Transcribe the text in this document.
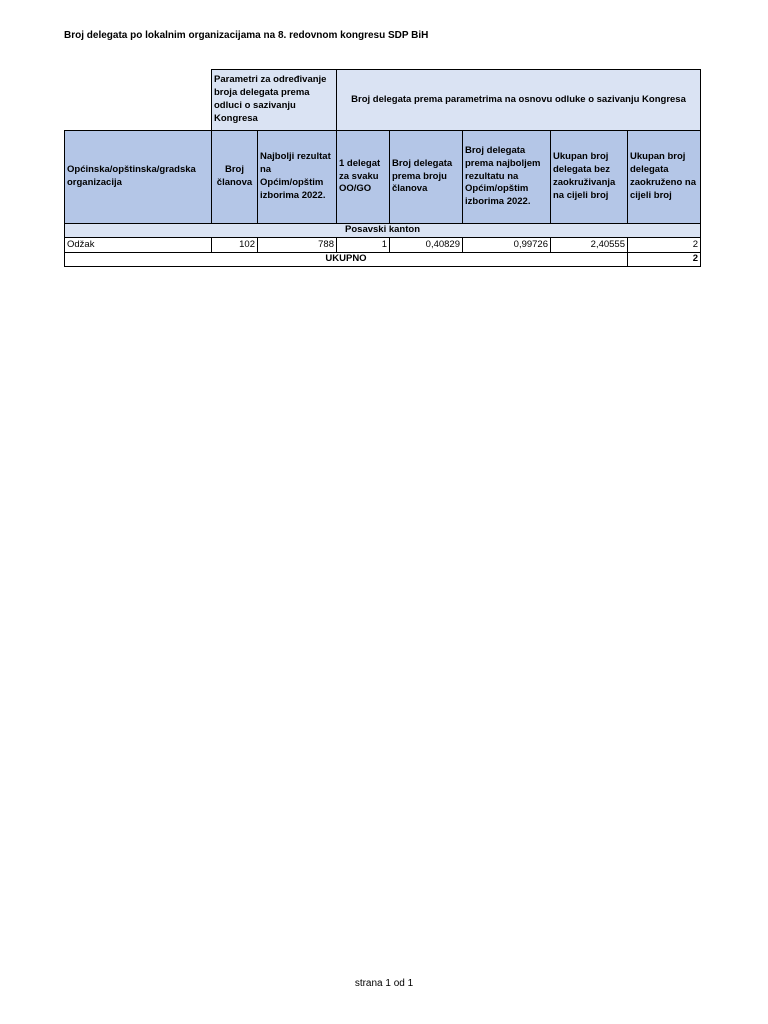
Broj delegata po lokalnim organizacijama na 8. redovnom kongresu SDP BiH
	Parametri za određivanje broja delegata prema odluci o sazivanju Kongresa		Broj delegata prema parametrima na osnovu odluke o sazivanju Kongresa				
Općinska/opštinska/gradska organizacija	Broj članova	Najbolji rezultat na Općim/opštim izborima 2022.	1 delegat za svaku OO/GO	Broj delegata prema broju članova	Broj delegata prema najboljem rezultatu na Općim/opštim izborima 2022.	Ukupan broj delegata bez zaokruživanja na cijeli broj	Ukupan broj delegata zaokruženo na cijeli broj
Posavski kanton							
Odžak	102	788	1	0,40829	0,99726	2,40555	2
UKUPNO							2
strana 1 od 1
